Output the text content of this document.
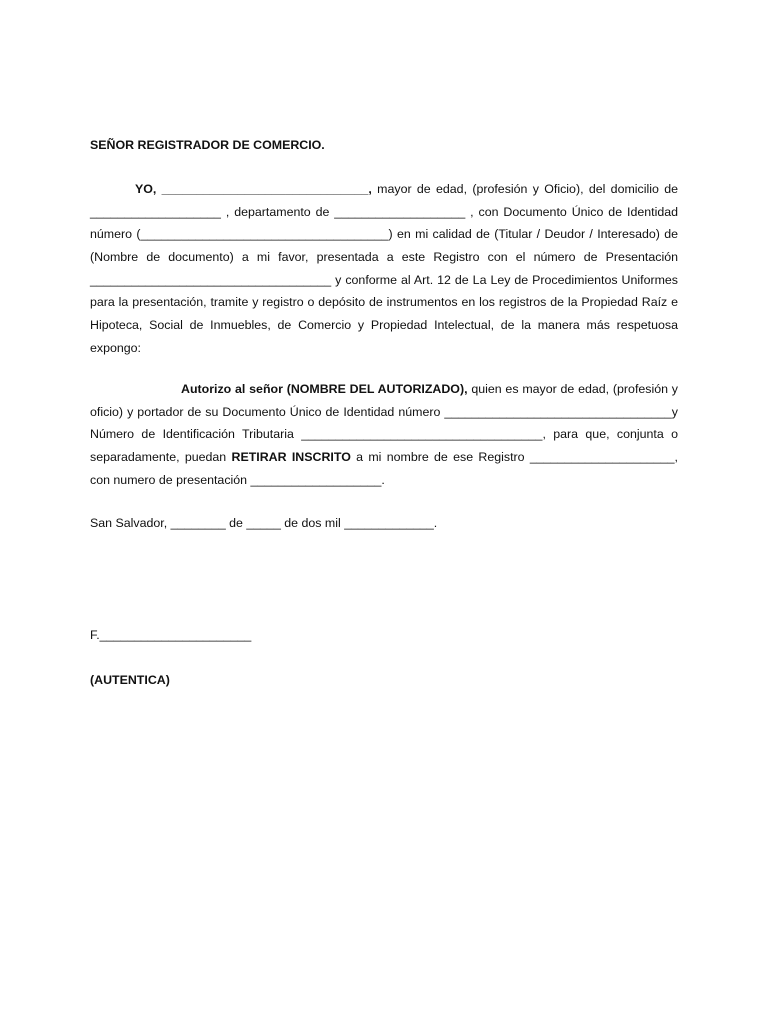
SEÑOR REGISTRADOR DE COMERCIO.

YO, ______________________________, mayor de edad, (profesión y Oficio), del domicilio de
___________________ , departamento de ___________________ , con Documento Único de Identidad
número (____________________________________) en mi calidad de (Titular / Deudor / Interesado) de
(Nombre de documento) a mi favor, presentada a este Registro con el número de Presentación
___________________________________ y conforme al Art. 12 de La Ley de Procedimientos Uniformes
para la presentación, tramite y registro o depósito de instrumentos en los registros de la Propiedad Raíz e
Hipoteca, Social de Inmuebles, de Comercio y Propiedad Intelectual, de la manera más respetuosa
expongo:
Autorizo al señor (NOMBRE DEL AUTORIZADO), quien es mayor de edad, (profesión y
oficio) y portador de su Documento Único de Identidad número _________________________________y
Número de Identificación Tributaria ___________________________________, para que, conjunta o
separadamente, puedan RETIRAR INSCRITO a mi nombre de ese Registro _____________________,
con numero de presentación ___________________.

San Salvador, ________ de _____ de dos mil _____________.

F.______________________

(AUTENTICA)
